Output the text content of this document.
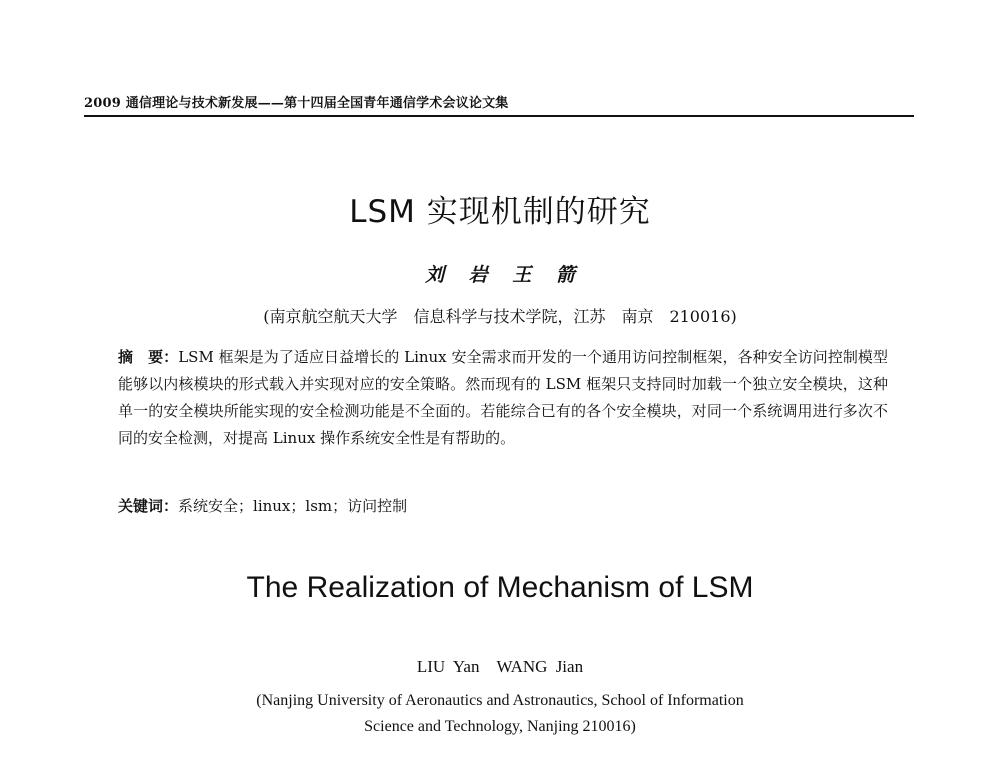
2009 通信理论与技术新发展——第十四届全国青年通信学术会议论文集
LSM 实现机制的研究
刘 岩 王 箭
(南京航空航天大学　信息科学与技术学院，江苏　南京　210016)
摘　要：LSM 框架是为了适应日益增长的 Linux 安全需求而开发的一个通用访问控制框架，各种安全访问控制模型能够以内核模块的形式载入并实现对应的安全策略。然而现有的 LSM 框架只支持同时加载一个独立安全模块，这种单一的安全模块所能实现的安全检测功能是不全面的。若能综合已有的各个安全模块，对同一个系统调用进行多次不同的安全检测，对提高 Linux 操作系统安全性是有帮助的。
关键词：系统安全；linux；lsm；访问控制
The Realization of Mechanism of LSM
LIU Yan　WANG Jian
(Nanjing University of Aeronautics and Astronautics, School of Information
Science and Technology, Nanjing 210016)
